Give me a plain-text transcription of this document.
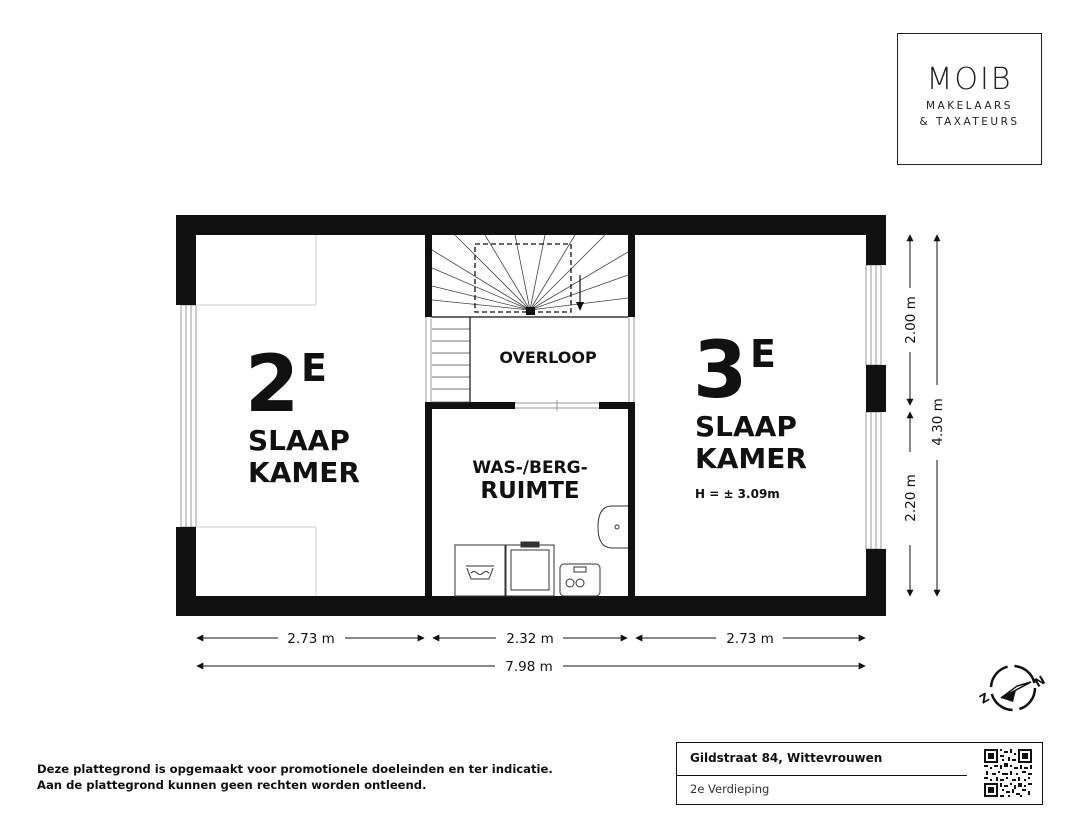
MOIB
MAKELAARS
& TAXATEURS
2.73 m	2.32 m	2.73 m
7.98 m
2.00 m
2.20 m
4.30 m
2 E
SLAAP
KAMER
OVERLOOP
WAS-/BERG-
RUIMTE
3 E
SLAAP
KAMER
H = ± 3.09m
N
Z
Deze plattegrond is opgemaakt voor promotionele doeleinden en ter indicatie.
Aan de plattegrond kunnen geen rechten worden ontleend.
Gildstraat 84, Wittevrouwen
2e Verdieping
